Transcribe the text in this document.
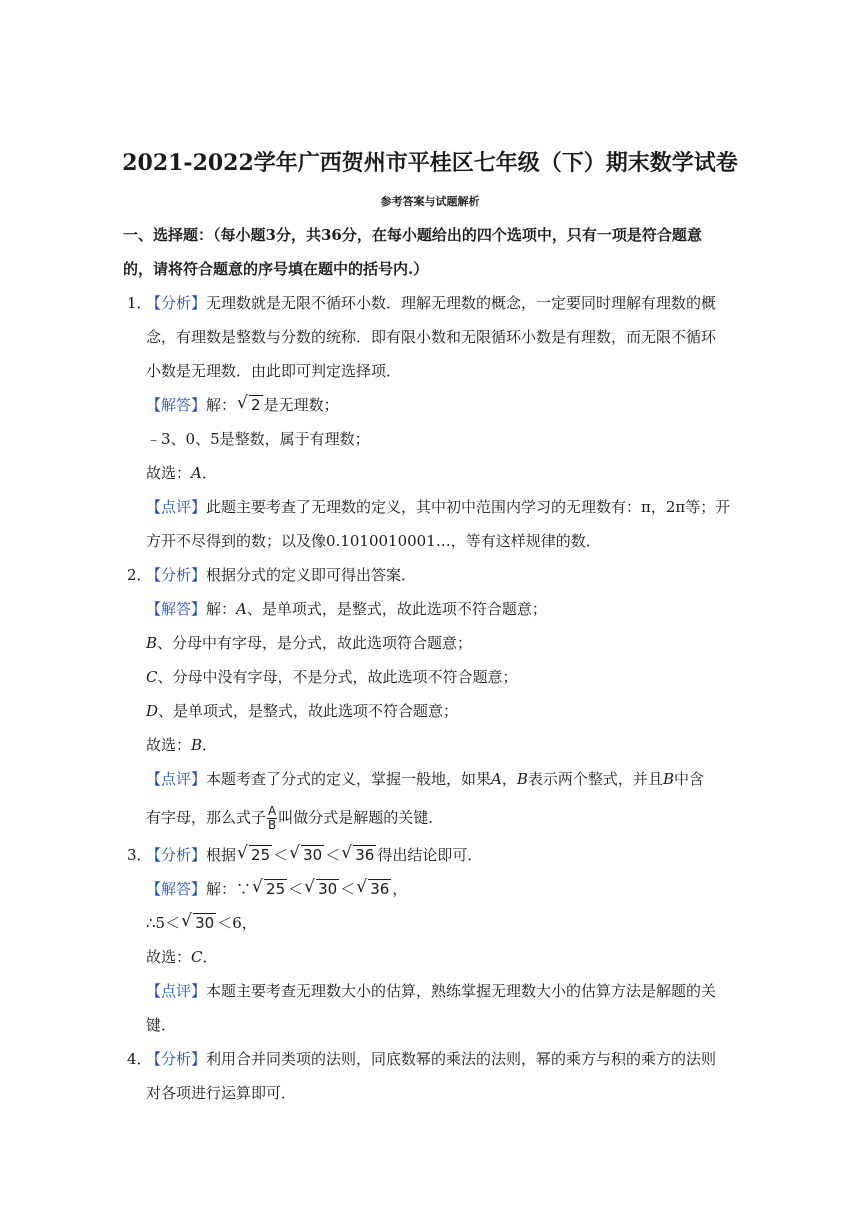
2021-2022学年广西贺州市平桂区七年级（下）期末数学试卷
参考答案与试题解析
一、选择题：（每小题3分，共36分，在每小题给出的四个选项中，只有一项是符合题意
的，请将符合题意的序号填在题中的括号内.）
1．
【分析】无理数就是无限不循环小数．理解无理数的概念，一定要同时理解有理数的概
念，有理数是整数与分数的统称．即有限小数和无限循环小数是有理数，而无限不循环
小数是无理数．由此即可判定选择项．
【解答】解： √ 2 是无理数；
﹣3、0、5是整数，属于有理数；
故选：A．
【点评】此题主要考查了无理数的定义，其中初中范围内学习的无理数有：π，2π等；开
方开不尽得到的数；以及像0.1010010001…，等有这样规律的数．
2．
【分析】根据分式的定义即可得出答案．
【解答】解：A、是单项式，是整式，故此选项不符合题意；
B、分母中有字母，是分式，故此选项符合题意；
C、分母中没有字母，不是分式，故此选项不符合题意；
D、是单项式，是整式，故此选项不符合题意；
故选：B．
【点评】本题考查了分式的定义，掌握一般地，如果A，B表示两个整式，并且B中含
有字母，那么式子 $\frac{A}{B}$ 叫做分式是解题的关键．
3．
【分析】根据 √ 25 ＜ √ 30 ＜ √ 36 得出结论即可．
【解答】解：∵ √ 25 ＜ √ 30 ＜ √ 36 ，
∴5＜ √ 30 ＜6，
故选：C．
【点评】本题主要考查无理数大小的估算，熟练掌握无理数大小的估算方法是解题的关
键．
4．
【分析】利用合并同类项的法则，同底数幂的乘法的法则，幂的乘方与积的乘方的法则
对各项进行运算即可．
